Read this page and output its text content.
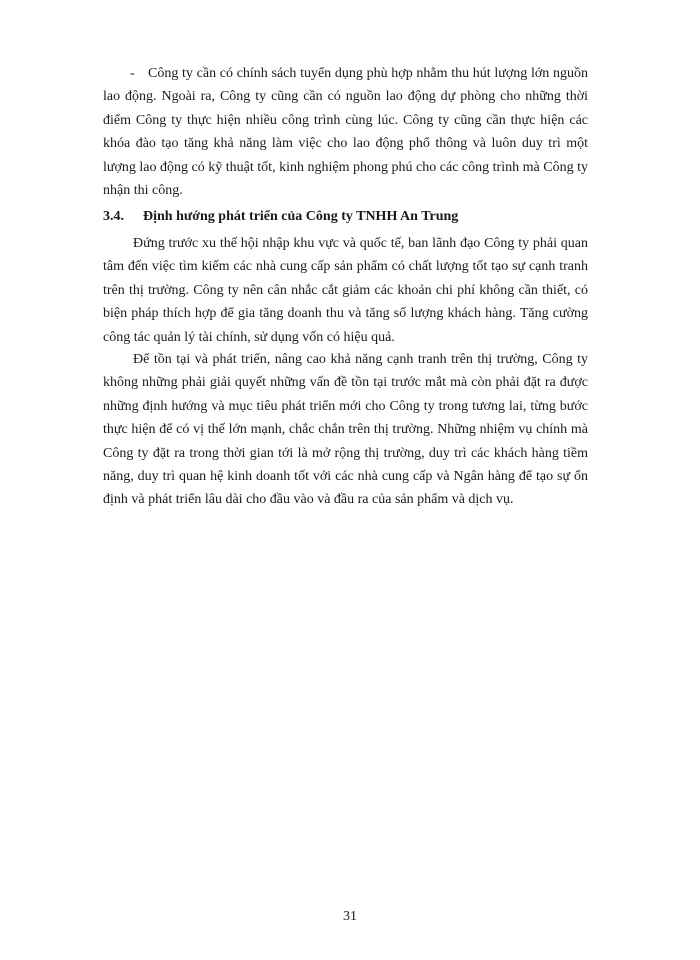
- Công ty cần có chính sách tuyển dụng phù hợp nhằm thu hút lượng lớn nguồn lao động. Ngoài ra, Công ty cũng cần có nguồn lao động dự phòng cho những thời điểm Công ty thực hiện nhiều công trình cùng lúc. Công ty cũng cần thực hiện các khóa đào tạo tăng khả năng làm việc cho lao động phổ thông và luôn duy trì một lượng lao động có kỹ thuật tốt, kinh nghiệm phong phú cho các công trình mà Công ty nhận thi công.
3.4. Định hướng phát triển của Công ty TNHH An Trung

Đứng trước xu thế hội nhập khu vực và quốc tế, ban lãnh đạo Công ty phải quan tâm đến việc tìm kiếm các nhà cung cấp sản phẩm có chất lượng tốt tạo sự cạnh tranh trên thị trường. Công ty nên cân nhắc cắt giảm các khoản chi phí không cần thiết, có biện pháp thích hợp để gia tăng doanh thu và tăng số lượng khách hàng. Tăng cường công tác quản lý tài chính, sử dụng vốn có hiệu quả.

Để tồn tại và phát triển, nâng cao khả năng cạnh tranh trên thị trường, Công ty không những phải giải quyết những vấn đề tồn tại trước mắt mà còn phải đặt ra được những định hướng và mục tiêu phát triển mới cho Công ty trong tương lai, từng bước thực hiện để có vị thế lớn mạnh, chắc chắn trên thị trường. Những nhiệm vụ chính mà Công ty đặt ra trong thời gian tới là mở rộng thị trường, duy trì các khách hàng tiềm năng, duy trì quan hệ kinh doanh tốt với các nhà cung cấp và Ngân hàng để tạo sự ổn định và phát triển lâu dài cho đầu vào và đầu ra của sản phẩm và dịch vụ.

31
